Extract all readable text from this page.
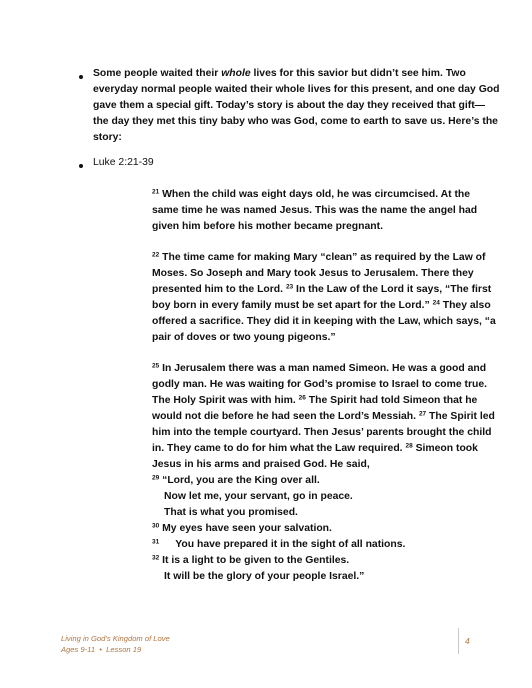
Some people waited their whole lives for this savior but didn’t see him. Two
everyday normal people waited their whole lives for this present, and one day God
gave them a special gift. Today’s story is about the day they received that gift—
the day they met this tiny baby who was God, come to earth to save us. Here’s the
story:
Luke 2:21-39

$^{21}$ When the child was eight days old, he was circumcised. At the same time he was named Jesus. This was the name the angel had given him before his mother became pregnant.

$^{22}$ The time came for making Mary “clean” as required by the Law of Moses. So Joseph and Mary took Jesus to Jerusalem. There they presented him to the Lord. $^{23}$ In the Law of the Lord it says, “The first boy born in every family must be set apart for the Lord.” $^{24}$ They also offered a sacrifice. They did it in keeping with the Law, which says, “a pair of doves or two young pigeons.”

$^{25}$ In Jerusalem there was a man named Simeon. He was a good and godly man. He was waiting for God’s promise to Israel to come true. The Holy Spirit was with him. $^{26}$ The Spirit had told Simeon that he would not die before he had seen the Lord’s Messiah. $^{27}$ The Spirit led him into the temple courtyard. Then Jesus’ parents brought the child in. They came to do for him what the Law required. $^{28}$ Simeon took Jesus in his arms and praised God. He said,

$^{29}$ “Lord, you are the King over all.
Now let me, your servant, go in peace.
That is what you promised.
$^{30}$ My eyes have seen your salvation.
$^{31}$ You have prepared it in the sight of all nations.
$^{32}$ It is a light to be given to the Gentiles.
It will be the glory of your people Israel.”
Living in God’s Kingdom of Love
Ages 9-11  •  Lesson 19
4
